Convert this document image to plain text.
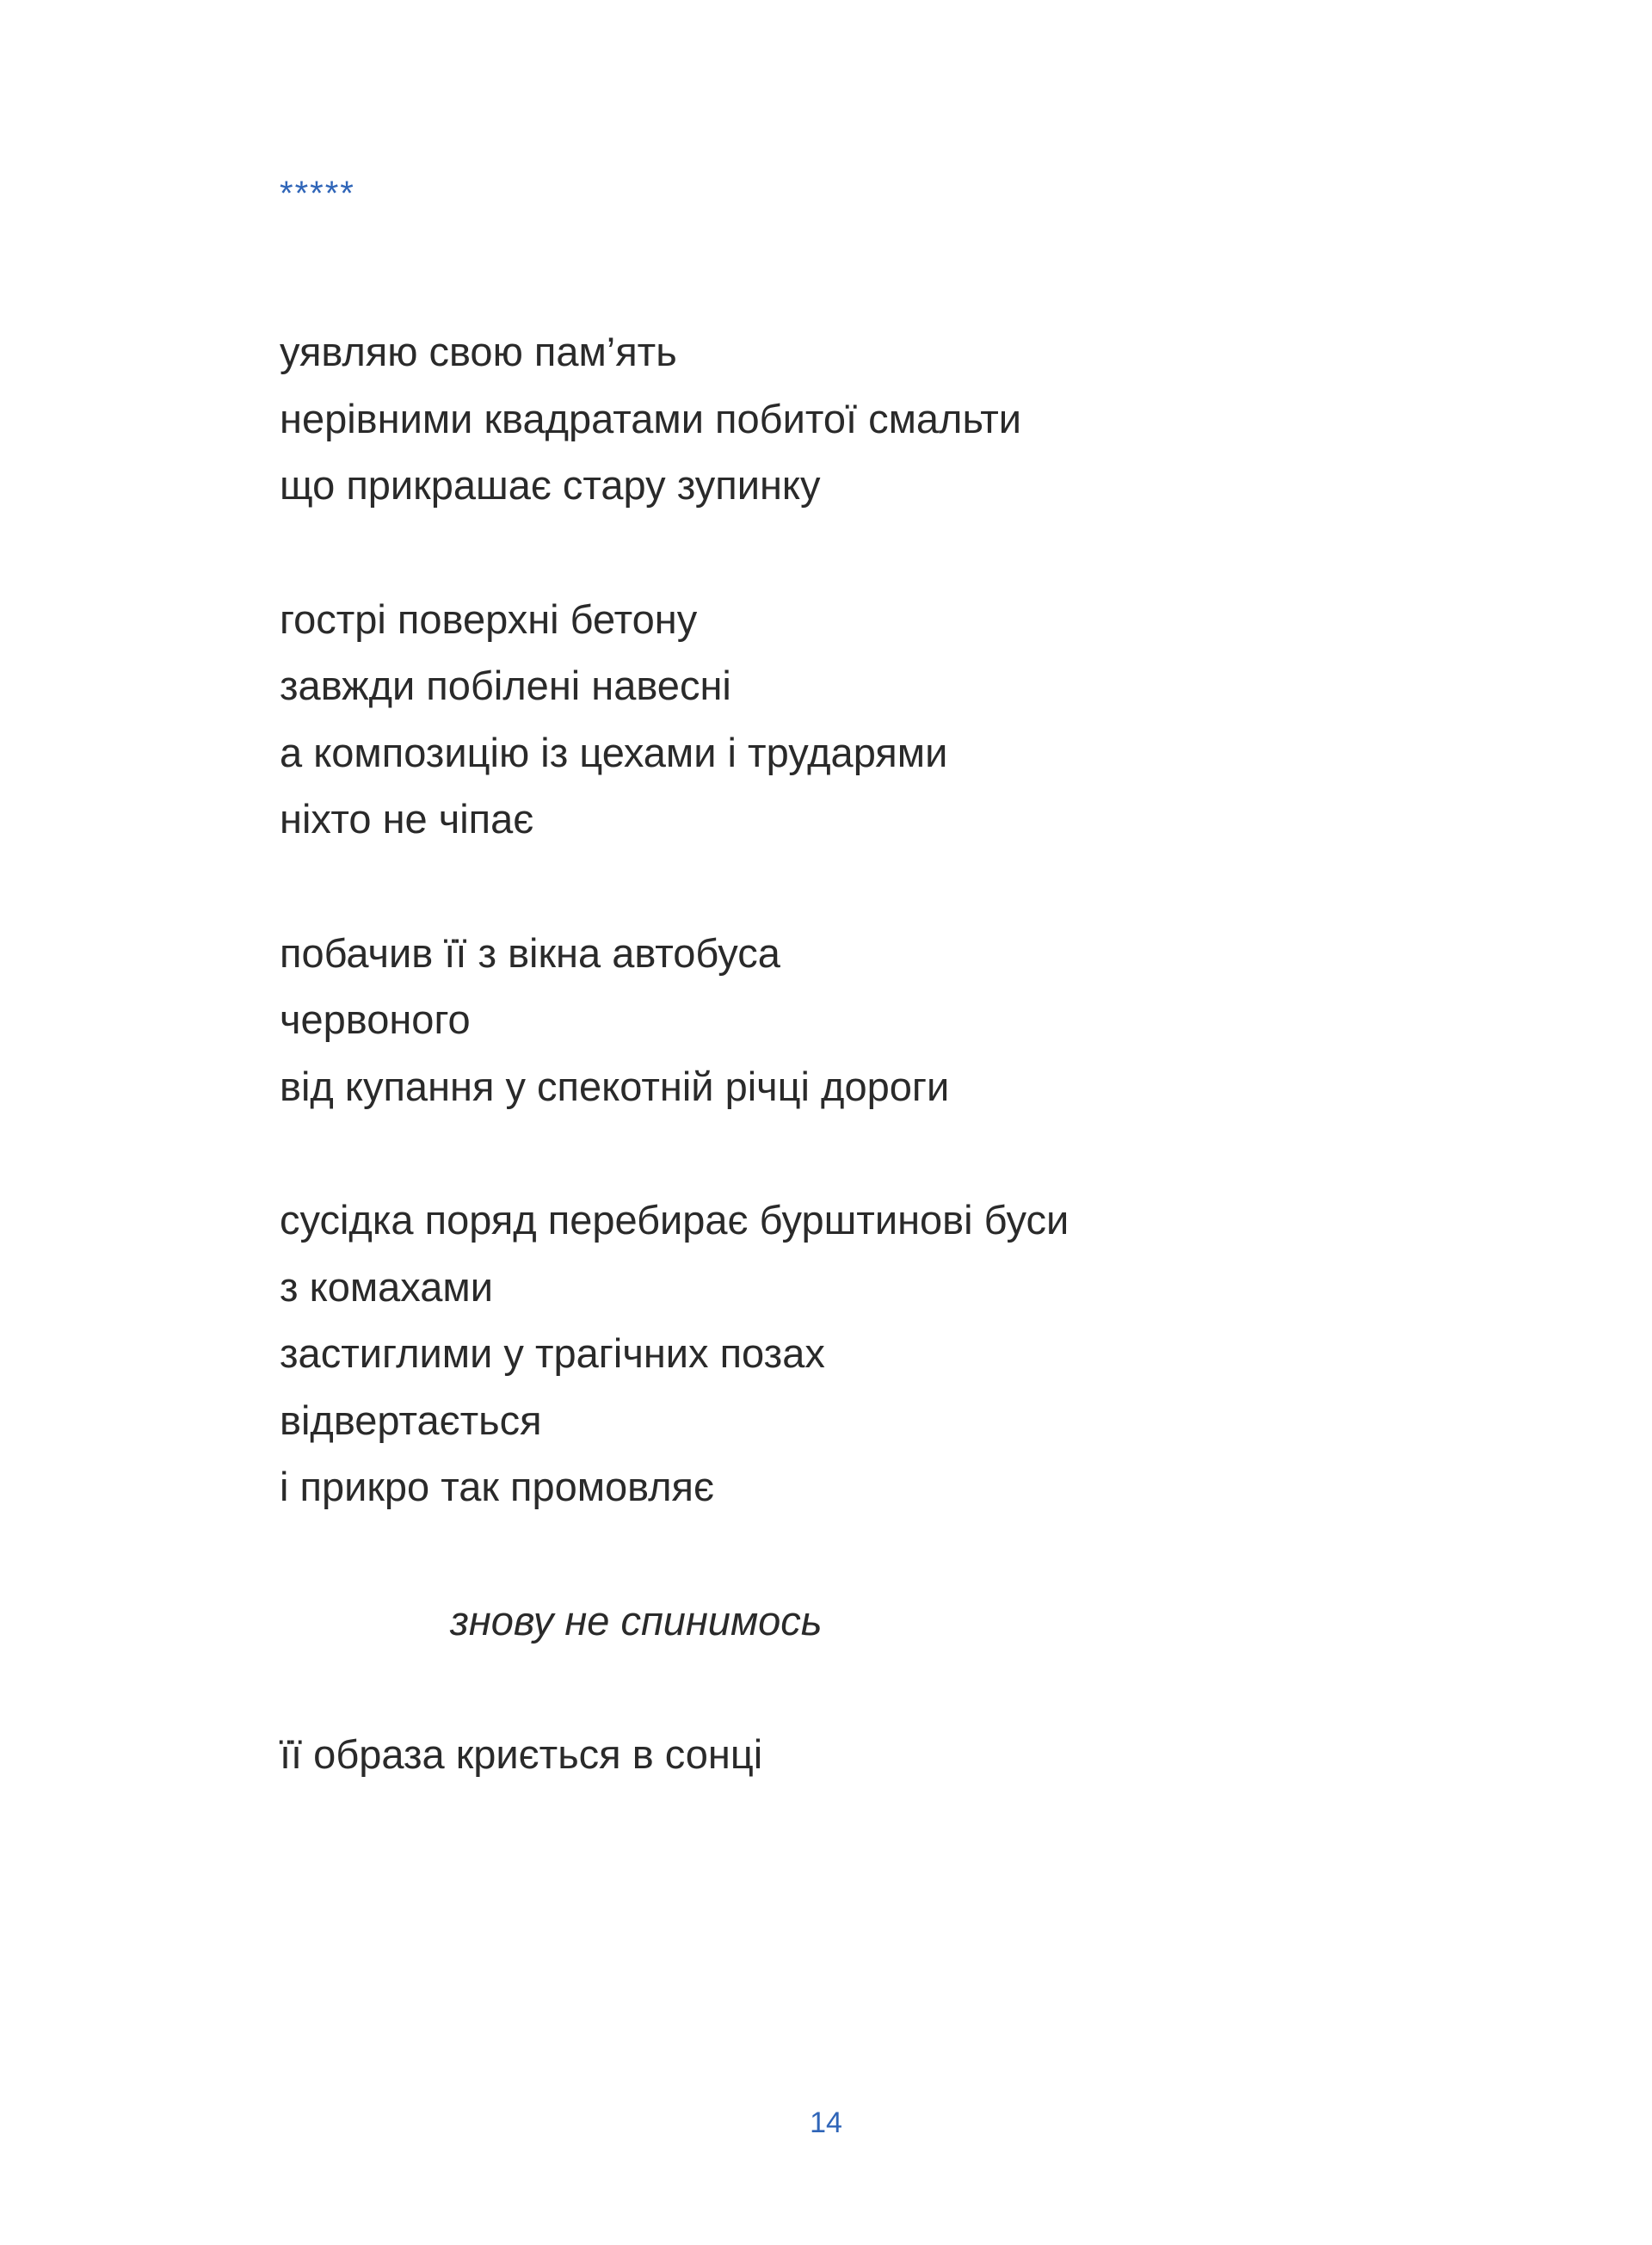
*****
уявляю свою пам’ять
нерівними квадратами побитої смальти
що прикрашає стару зупинку
гострі поверхні бетону
завжди побілені навесні
а композицію із цехами і трударями
ніхто не чіпає
побачив її з вікна автобуса
червоного
від купання у спекотній річці дороги
сусідка поряд перебирає бурштинові буси
з комахами
застиглими у трагічних позах
відвертається
і прикро так промовляє
знову не спинимось
її образа криється в сонці
14
